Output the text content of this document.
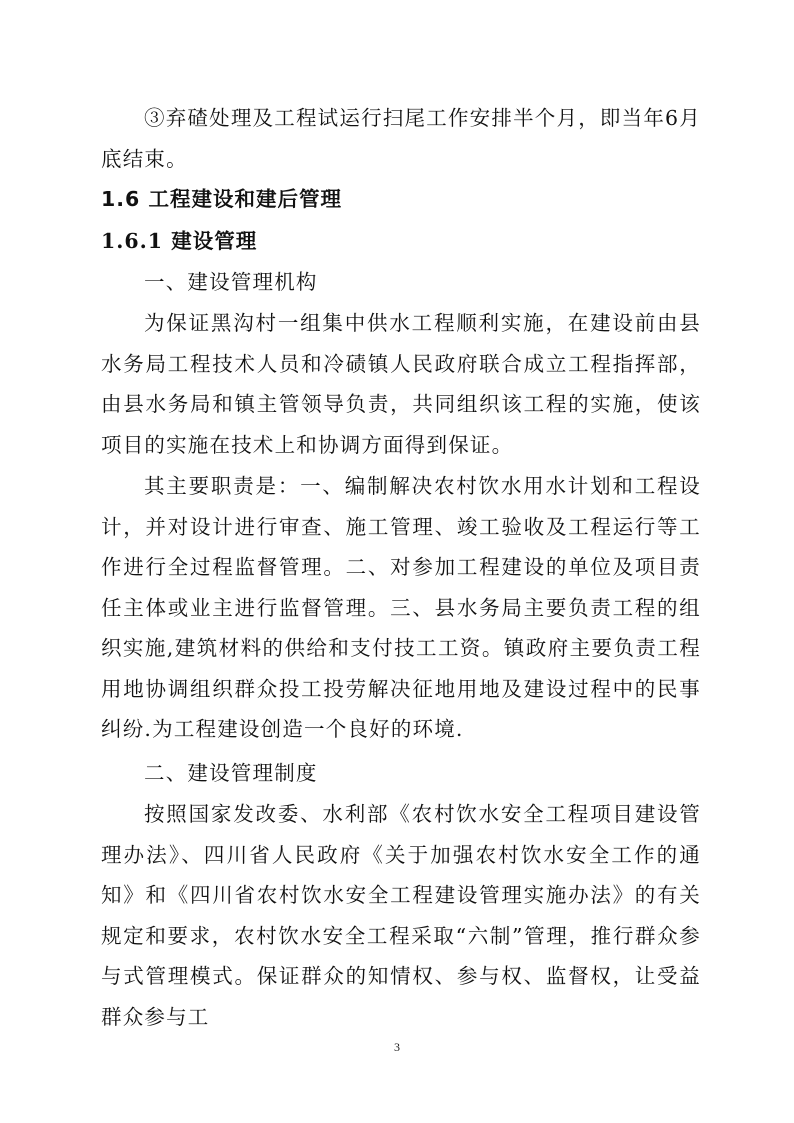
③弃碴处理及工程试运行扫尾工作安排半个月，即当年6月底结束。

1.6 工程建设和建后管理
1.6.1 建设管理

一、建设管理机构

为保证黑沟村一组集中供水工程顺利实施，在建设前由县水务局工程技术人员和冷碛镇人民政府联合成立工程指挥部，由县水务局和镇主管领导负责，共同组织该工程的实施，使该项目的实施在技术上和协调方面得到保证。

其主要职责是：一、编制解决农村饮水用水计划和工程设计，并对设计进行审查、施工管理、竣工验收及工程运行等工作进行全过程监督管理。二、对参加工程建设的单位及项目责任主体或业主进行监督管理。三、县水务局主要负责工程的组织实施,建筑材料的供给和支付技工工资。镇政府主要负责工程用地协调组织群众投工投劳解决征地用地及建设过程中的民事纠纷.为工程建设创造一个良好的环境.

二、建设管理制度

按照国家发改委、水利部《农村饮水安全工程项目建设管理办法》、四川省人民政府《关于加强农村饮水安全工作的通知》和《四川省农村饮水安全工程建设管理实施办法》的有关规定和要求，农村饮水安全工程采取“六制”管理，推行群众参与式管理模式。保证群众的知情权、参与权、监督权，让受益群众参与工

3
